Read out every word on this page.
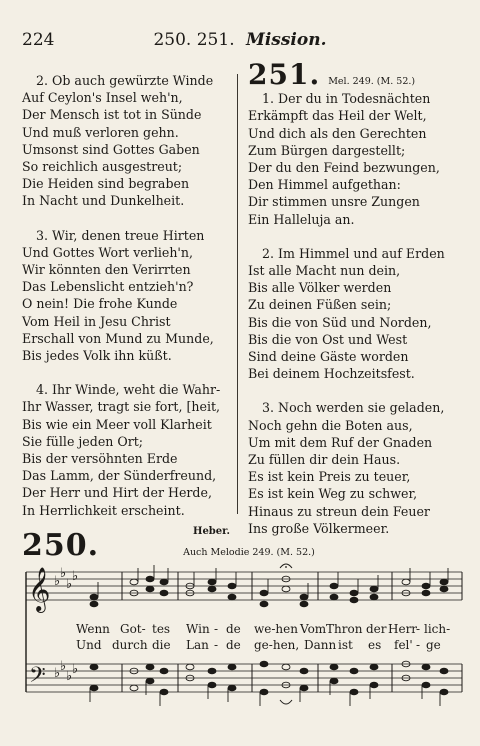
224	250. 251. Mission.
2. Ob auch gewürzte Winde
Auf Ceylon's Insel weh'n,
Der Mensch ist tot in Sünde
Und muß verloren gehn.
Umsonst sind Gottes Gaben
So reichlich ausgestreut;
Die Heiden sind begraben
In Nacht und Dunkelheit.
3. Wir, denen treue Hirten
Und Gottes Wort verlieh'n,
Wir könnten den Verirrten
Das Lebenslicht entzieh'n?
O nein! Die frohe Kunde
Vom Heil in Jesu Christ
Erschall von Mund zu Munde,
Bis jedes Volk ihn küßt.
4. Ihr Winde, weht die Wahr-
Ihr Wasser, tragt sie fort, [heit,
Bis wie ein Meer voll Klarheit
Sie fülle jeden Ort;
Bis der versöhnten Erde
Das Lamm, der Sünderfreund,
Der Herr und Hirt der Herde,
In Herrlichkeit erscheint.
Heber.
251. Mel. 249. (M. 52.)
1. Der du in Todesnächten
Erkämpft das Heil der Welt,
Und dich als den Gerechten
Zum Bürgen dargestellt;
Der du den Feind bezwungen,
Den Himmel aufgethan:
Dir stimmen unsre Zungen
Ein Halleluja an.
2. Im Himmel und auf Erden
Ist alle Macht nun dein,
Bis alle Völker werden
Zu deinen Füßen sein;
Bis die von Süd und Norden,
Bis die von Ost und West
Sind deine Gäste worden
Bei deinem Hochzeitsfest.
3. Noch werden sie geladen,
Noch gehn die Boten aus,
Um mit dem Ruf der Gnaden
Zu füllen dir dein Haus.
Es ist kein Preis zu teuer,
Es ist kein Weg zu schwer,
Hinaus zu streun dein Feuer
Ins große Völkermeer.
250.	Auch Melodie 249. (M. 52.)
𝄞
𝄢
♭
♭
♭
♭
♭ ♭
♭ ♭
Wenn Got- tes Win - de we-hen Vom Thron der Herr
- lich-
Und durch die Lan - de ge-hen, Dann ist es fel' - ge
